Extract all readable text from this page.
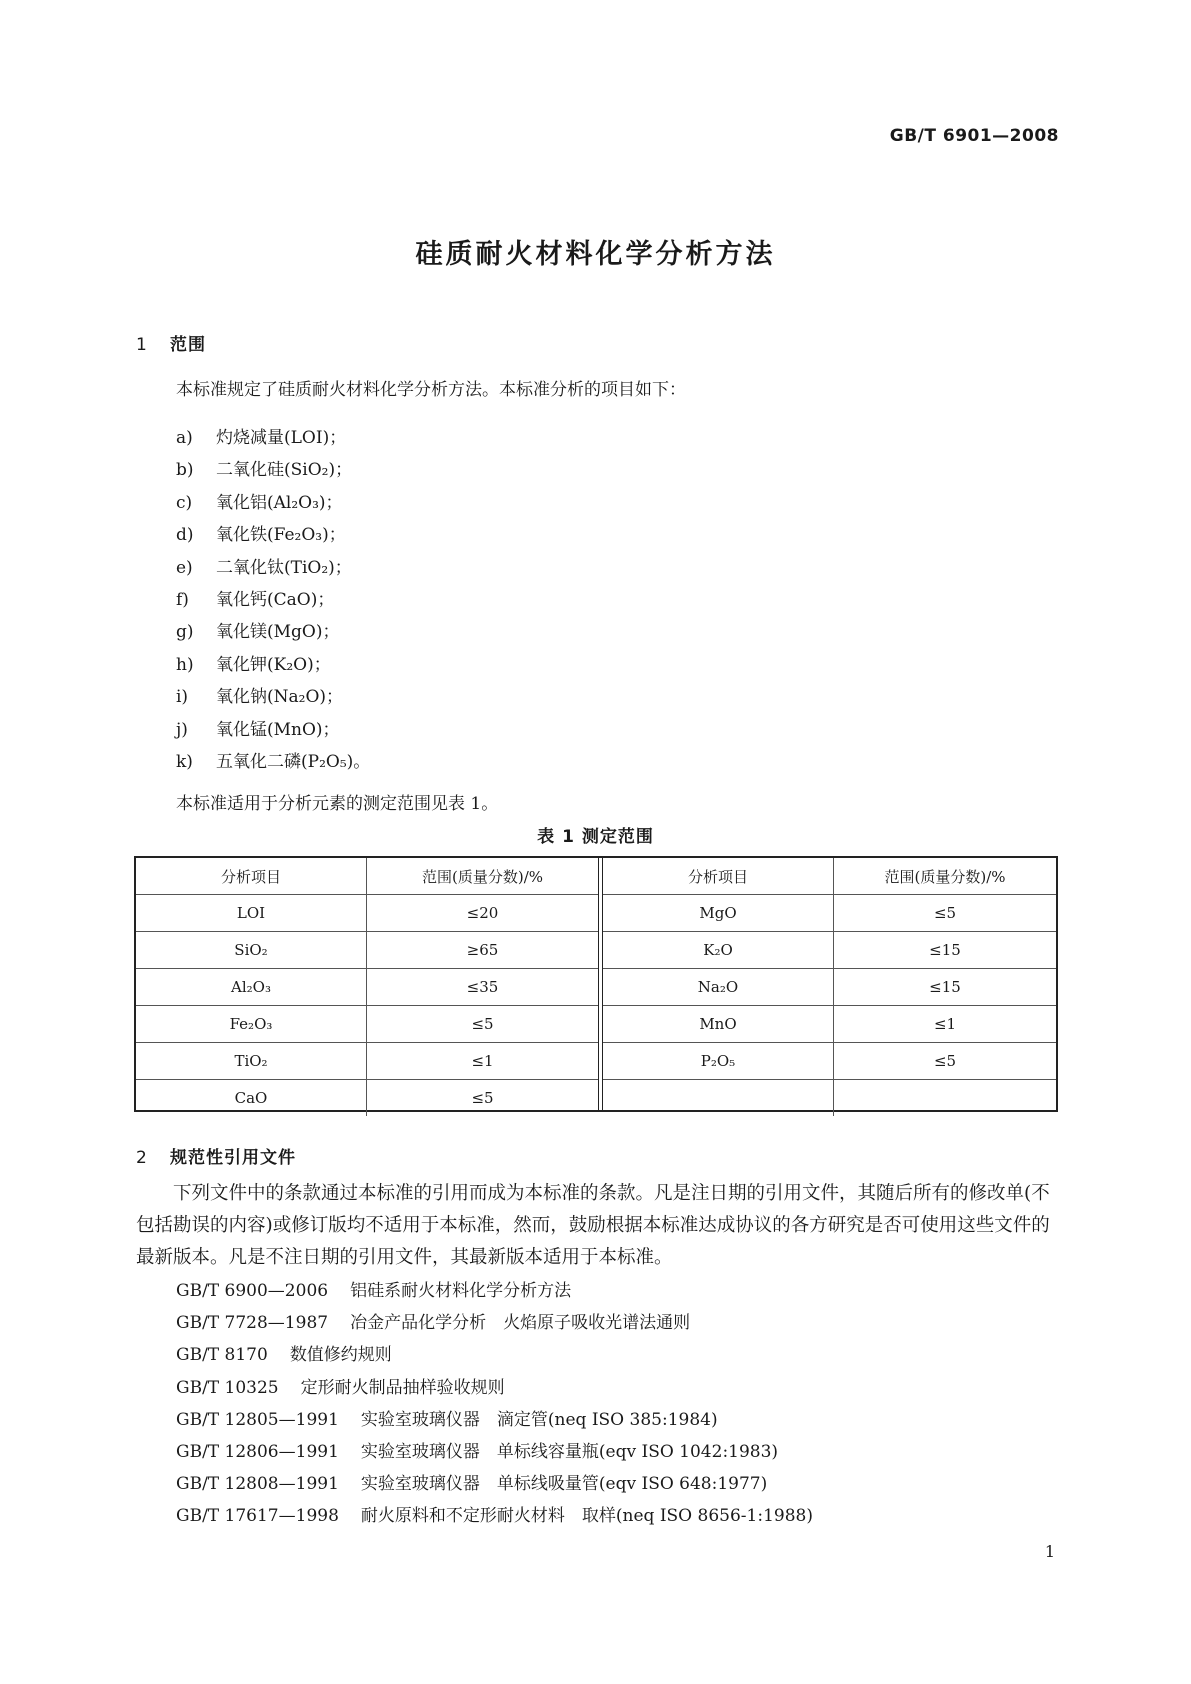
GB/T 6901—2008
硅质耐火材料化学分析方法
1 范围
本标准规定了硅质耐火材料化学分析方法。本标准分析的项目如下：
a) 灼烧减量(LOI)；
b) 二氧化硅(SiO₂)；
c) 氧化铝(Al₂O₃)；
d) 氧化铁(Fe₂O₃)；
e) 二氧化钛(TiO₂)；
f) 氧化钙(CaO)；
g) 氧化镁(MgO)；
h) 氧化钾(K₂O)；
i) 氧化钠(Na₂O)；
j) 氧化锰(MnO)；
k) 五氧化二磷(P₂O₅)。
本标准适用于分析元素的测定范围见表 1。
表 1 测定范围
分析项目	范围(质量分数)/%
LOI	≤20
SiO₂	≥65
Al₂O₃	≤35
Fe₂O₃	≤5
TiO₂	≤1
CaO	≤5
分析项目	范围(质量分数)/%
MgO	≤5
K₂O	≤15
Na₂O	≤15
MnO	≤1
P₂O₅	≤5

2 规范性引用文件

下列文件中的条款通过本标准的引用而成为本标准的条款。凡是注日期的引用文件，其随后所有的修改单(不包括勘误的内容)或修订版均不适用于本标准，然而，鼓励根据本标准达成协议的各方研究是否可使用这些文件的最新版本。凡是不注日期的引用文件，其最新版本适用于本标准。

GB/T 6900—2006 铝硅系耐火材料化学分析方法
GB/T 7728—1987 冶金产品化学分析　火焰原子吸收光谱法通则
GB/T 8170 数值修约规则
GB/T 10325 定形耐火制品抽样验收规则
GB/T 12805—1991 实验室玻璃仪器　滴定管(neq ISO 385:1984)
GB/T 12806—1991 实验室玻璃仪器　单标线容量瓶(eqv ISO 1042:1983)
GB/T 12808—1991 实验室玻璃仪器　单标线吸量管(eqv ISO 648:1977)
GB/T 17617—1998 耐火原料和不定形耐火材料　取样(neq ISO 8656-1:1988)
1
